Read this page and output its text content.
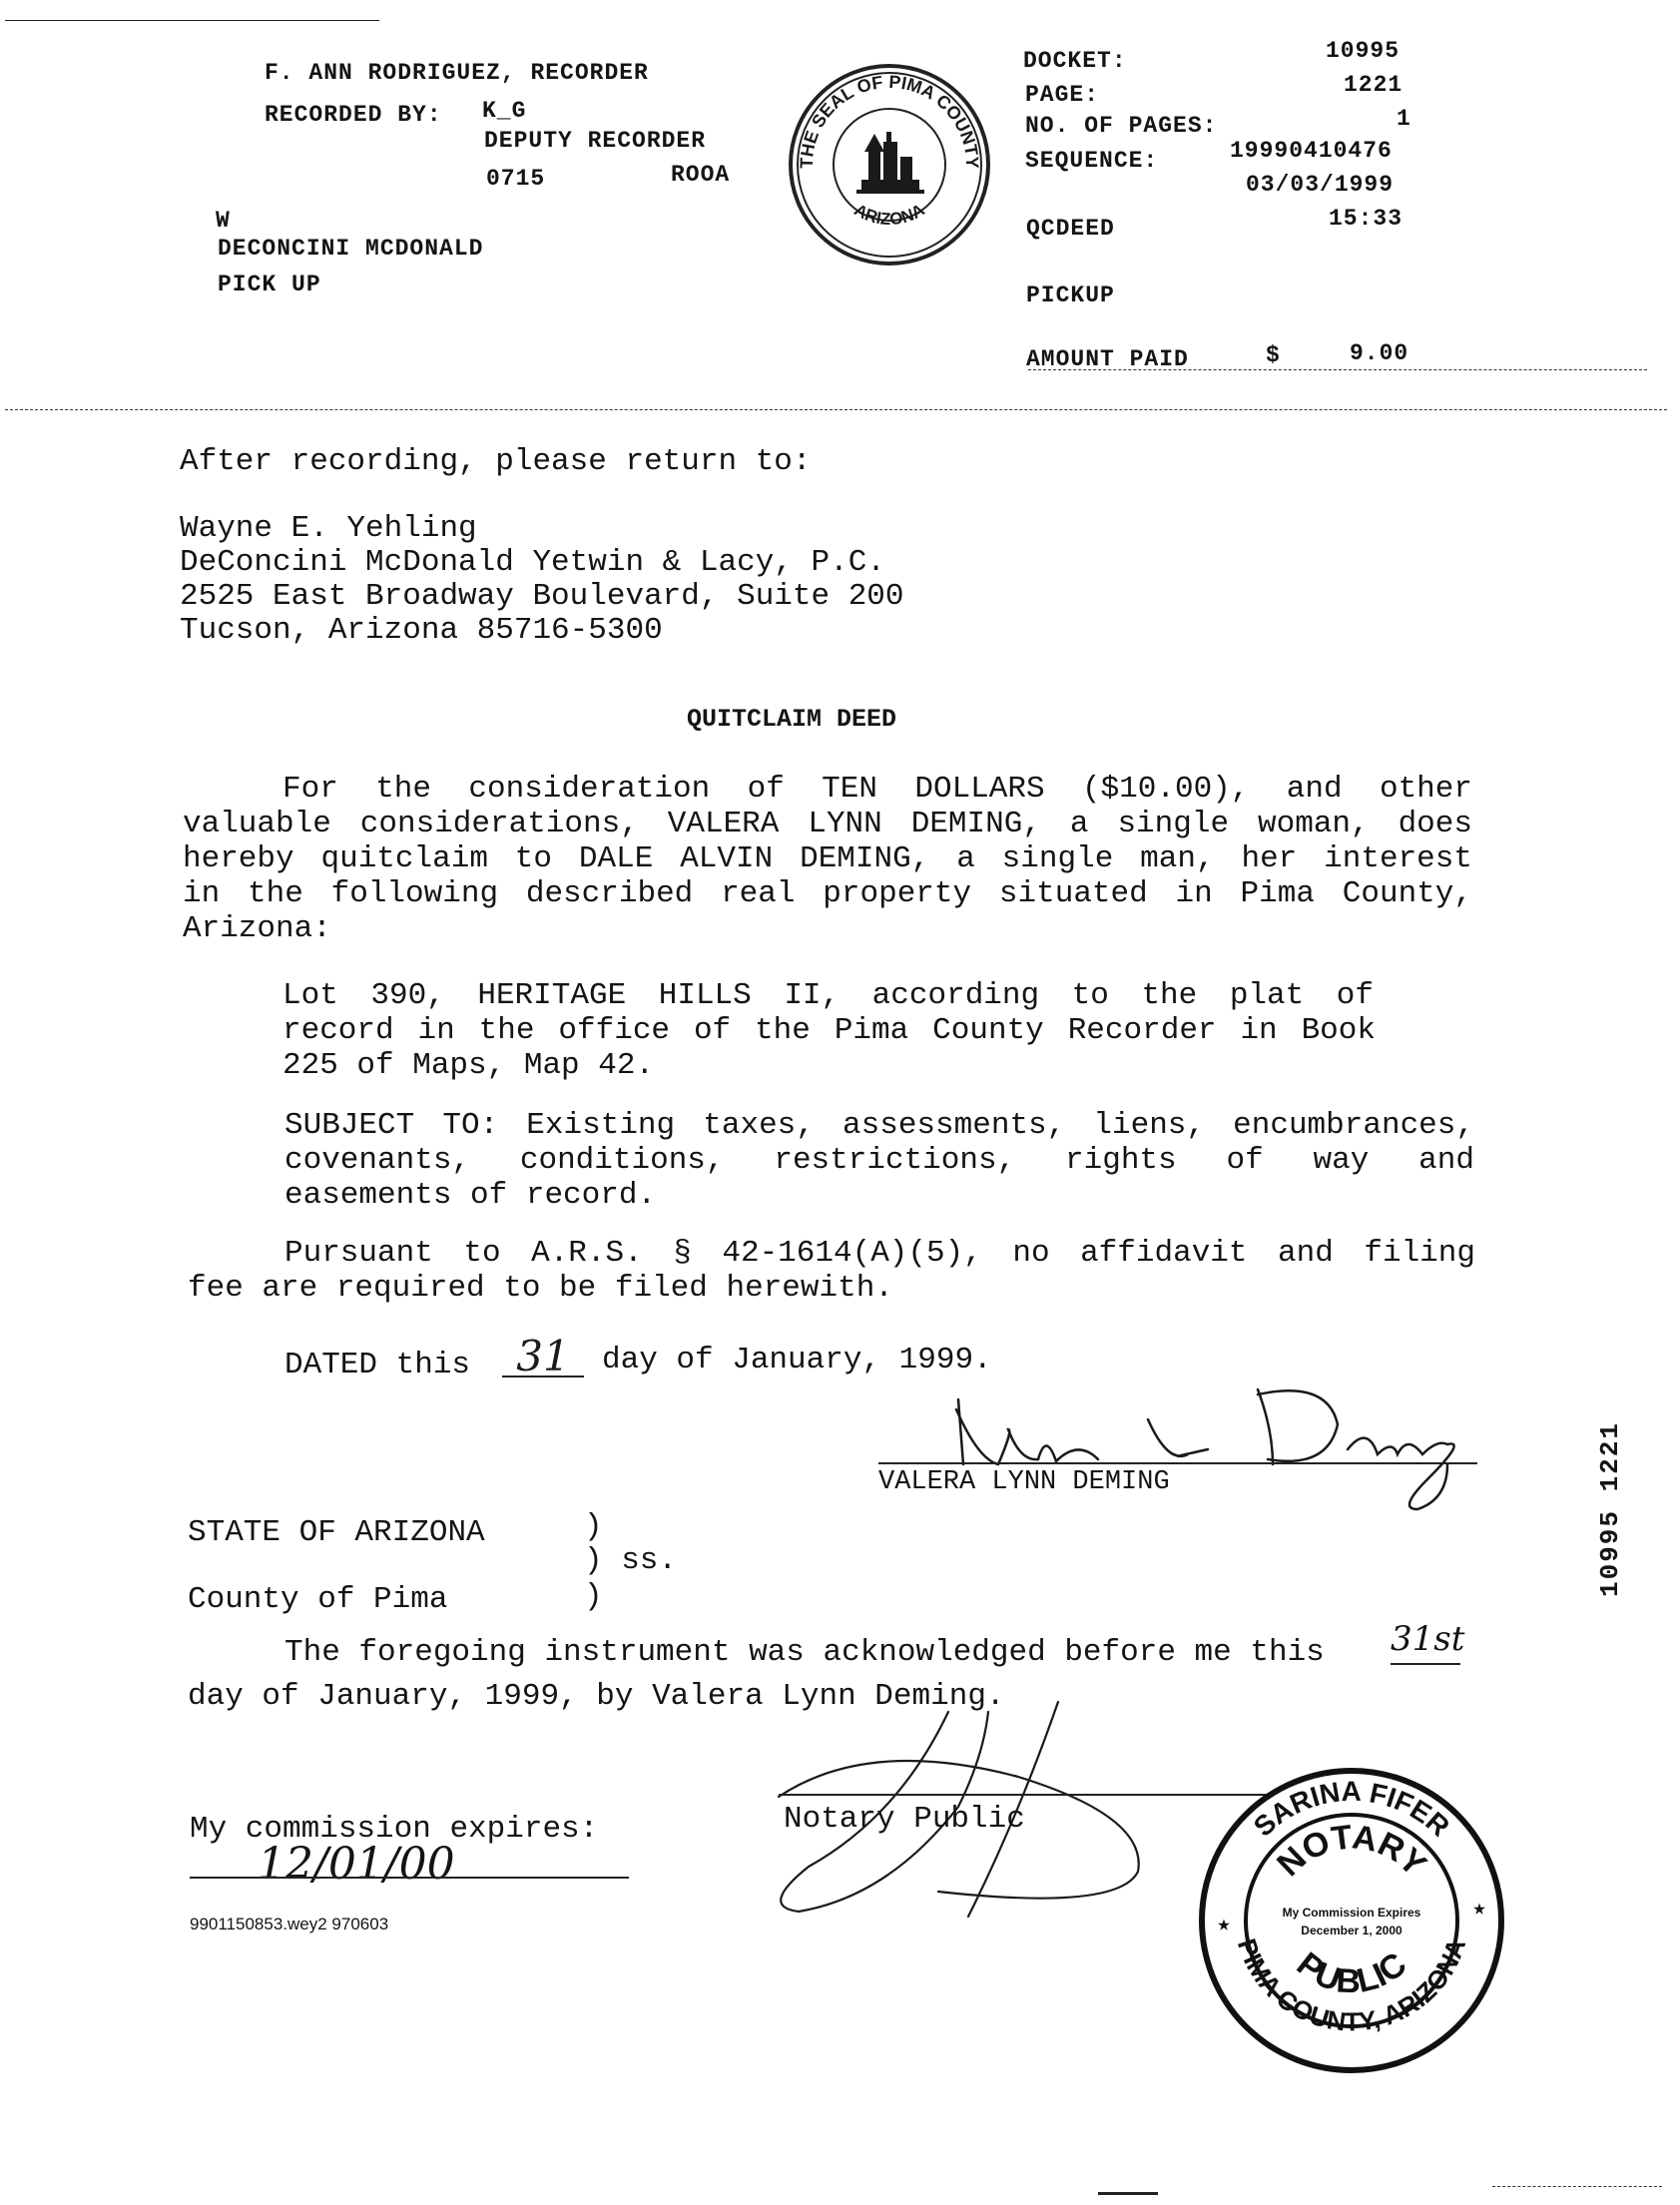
F. ANN RODRIGUEZ, RECORDER
RECORDED BY: K_G
DEPUTY RECORDER
0715	ROOA
W
DECONCINI MCDONALD
PICK UP
THE SEAL OF PIMA COUNTY
ARIZONA
DOCKET:	10995
PAGE:	1221
NO. OF PAGES:	1
SEQUENCE:	19990410476
03/03/1999
QCDEED	15:33
PICKUP
AMOUNT PAID	$	9.00
After recording, please return to:
Wayne E. Yehling
DeConcini McDonald Yetwin & Lacy, P.C.
2525 East Broadway Boulevard, Suite 200
Tucson, Arizona 85716-5300
QUITCLAIM DEED
For the consideration of TEN DOLLARS ($10.00), and other
valuable considerations, VALERA LYNN DEMING, a single woman, does
hereby quitclaim to DALE ALVIN DEMING, a single man, her interest
in the following described real property situated in Pima County,
Arizona:
Lot 390, HERITAGE HILLS II, according to the plat of
record in the office of the Pima County Recorder in Book
225 of Maps, Map 42.
SUBJECT TO: Existing taxes, assessments, liens, encumbrances,
covenants, conditions, restrictions, rights of way and
easements of record.
Pursuant to A.R.S. § 42-1614(A)(5), no affidavit and filing
fee are required to be filed herewith.
DATED this	31	day of January, 1999.
VALERA LYNN DEMING
STATE OF ARIZONA	)
) ss.
County of Pima	)
The foregoing instrument was acknowledged before me this 31st
day of January, 1999, by Valera Lynn Deming.
Notary Public
My commission expires:
12/01/00
9901150853.wey2 970603
SARINA FIFER
PIMA COUNTY, ARIZONA
NOTARY
PUBLIC
My Commission Expires
December 1, 2000
★
★
10995 1221
